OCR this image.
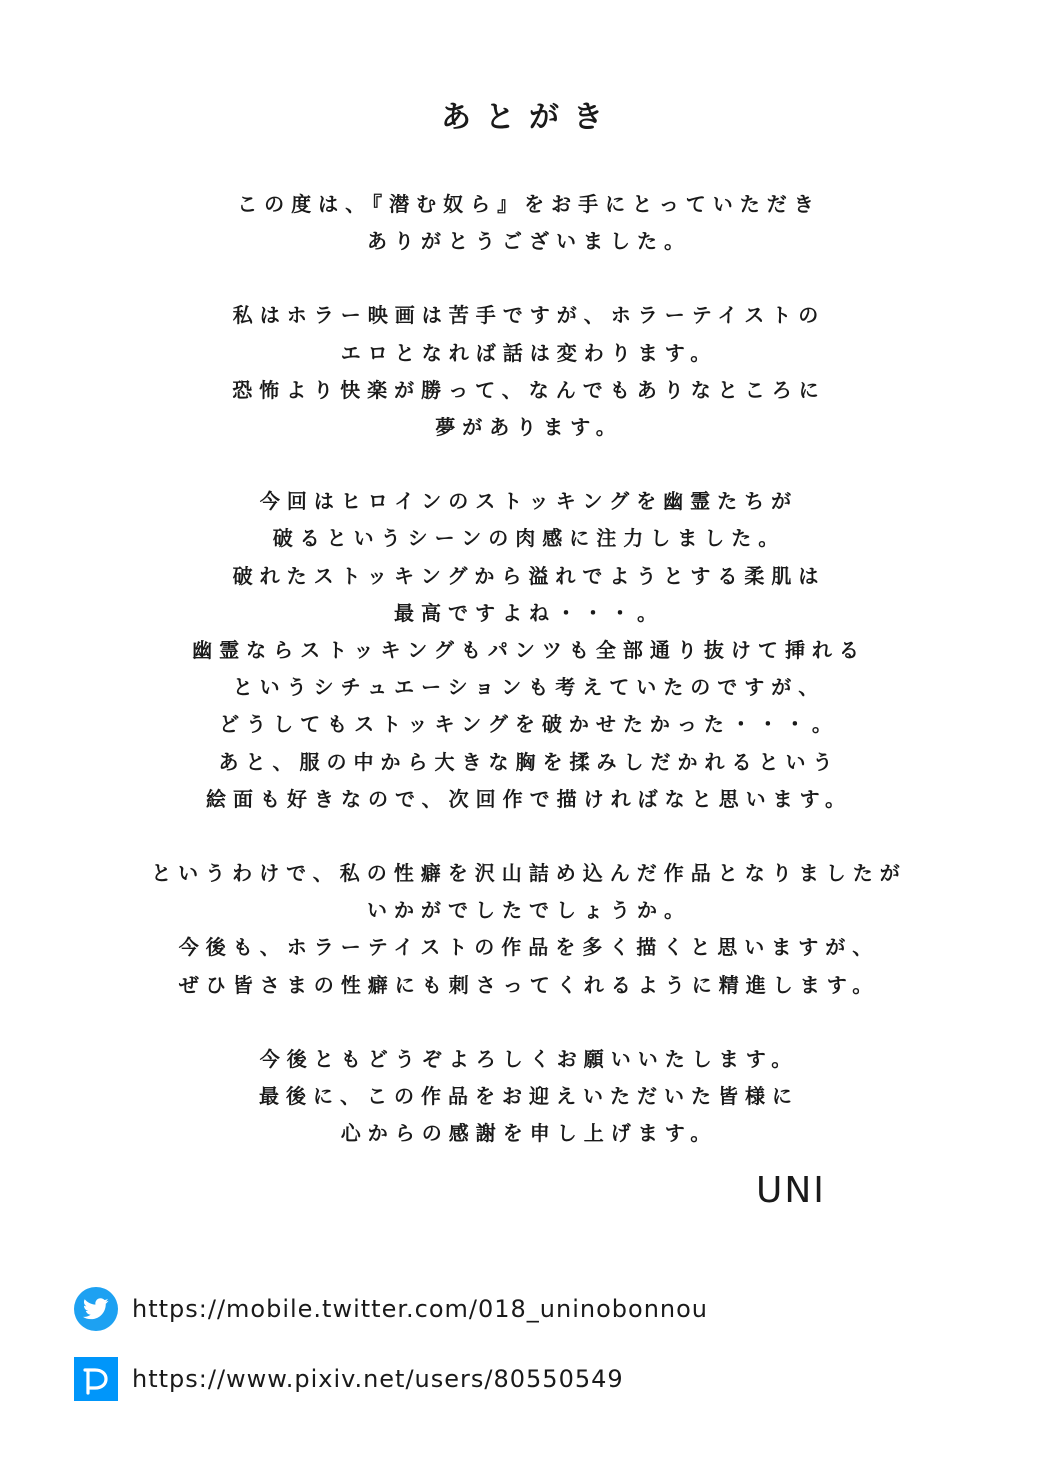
あとがき
この度は、『潜む奴ら』をお手にとっていただき
ありがとうございました。
私はホラー映画は苦手ですが、ホラーテイストの
エロとなれば話は変わります。
恐怖より快楽が勝って、なんでもありなところに
夢があります。
今回はヒロインのストッキングを幽霊たちが
破るというシーンの肉感に注力しました。
破れたストッキングから溢れでようとする柔肌は
最高ですよね・・・。
幽霊ならストッキングもパンツも全部通り抜けて挿れる
というシチュエーションも考えていたのですが、
どうしてもストッキングを破かせたかった・・・。
あと、服の中から大きな胸を揉みしだかれるという
絵面も好きなので、次回作で描ければなと思います。
というわけで、私の性癖を沢山詰め込んだ作品となりましたが
いかがでしたでしょうか。
今後も、ホラーテイストの作品を多く描くと思いますが、
ぜひ皆さまの性癖にも刺さってくれるように精進します。
今後ともどうぞよろしくお願いいたします。
最後に、この作品をお迎えいただいた皆様に
心からの感謝を申し上げます。
UNI
https://mobile.twitter.com/018_uninobonnou
https://www.pixiv.net/users/80550549
